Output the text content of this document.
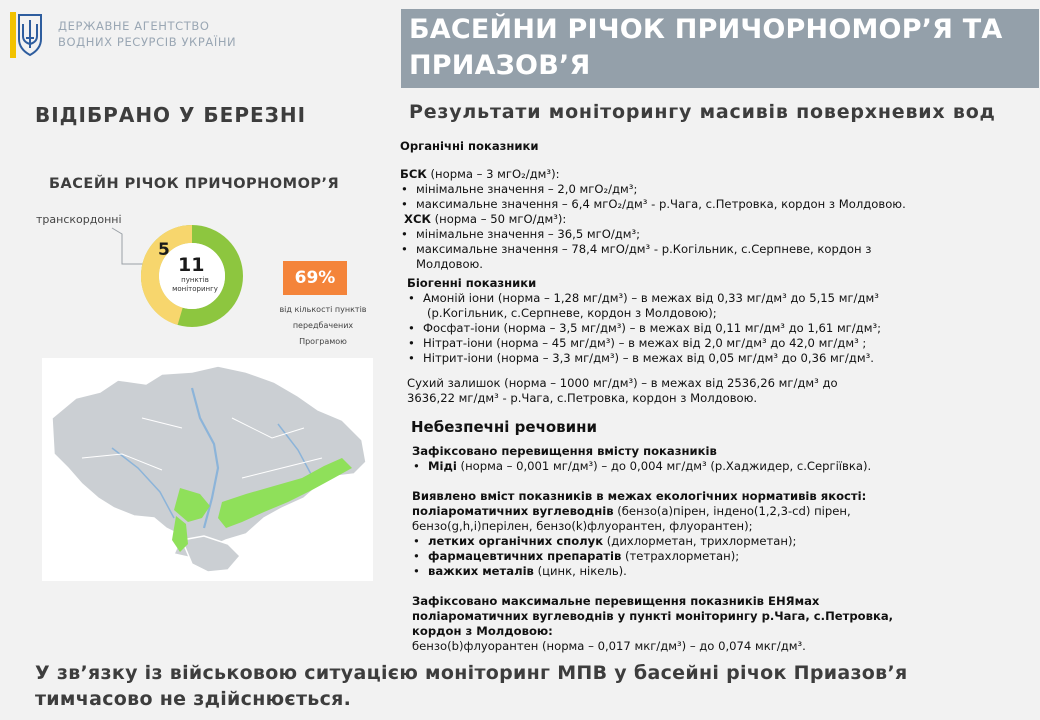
ДЕРЖАВНЕ АГЕНТСТВО
ВОДНИХ РЕСУРСІВ УКРАЇНИ	БАСЕЙНИ РІЧОК ПРИЧОРНОМОР’Я ТА
ПРИАЗОВ’Я
ВІДІБРАНО У БЕРЕЗНІ
БАСЕЙН РІЧОК ПРИЧОРНОМОР’Я
транскордонні
5
11
пунктів
моніторингу
69%
від кількості пунктів
передбачених Програмою
Результати моніторингу масивів поверхневих вод

Органічні показники

БСК (норма – 3 мгО₂/дм³):

• мінімальне значення – 2,0 мгО₂/дм³;

• максимальне значення – 6,4 мгО₂/дм³ - р.Чага, с.Петровка, кордон з Молдовою.

ХСК (норма – 50 мгО/дм³):

• мінімальне значення – 36,5 мгО/дм³;

• максимальне значення – 78,4 мгО/дм³ - р.Когільник, с.Серпневе, кордон з

Молдовою.

Біогенні показники

• Амоній іони (норма – 1,28 мг/дм³) – в межах від 0,33 мг/дм³ до 5,15 мг/дм³

(р.Когільник, с.Серпневе, кордон з Молдовою);

• Фосфат-іони (норма – 3,5 мг/дм³) – в межах від 0,11 мг/дм³ до 1,61 мг/дм³;

• Нітрат-іони (норма – 45 мг/дм³) – в межах від 2,0 мг/дм³ до 42,0 мг/дм³ ;

• Нітрит-іони (норма – 3,3 мг/дм³) – в межах від 0,05 мг/дм³ до 0,36 мг/дм³.

Сухий залишок (норма – 1000 мг/дм³) – в межах від 2536,26 мг/дм³ до

3636,22 мг/дм³ - р.Чага, с.Петровка, кордон з Молдовою.

Небезпечні речовини

Зафіксовано перевищення вмісту показників

• Міді (норма – 0,001 мг/дм³) – до 0,004 мг/дм³ (р.Хаджидер, с.Сергіївка).

Виявлено вміст показників в межах екологічних нормативів якості:

поліароматичних вуглеводнів (бензо(а)пірен, індено(1,2,3-cd) пірен,

бензо(g,h,i)перілен, бензо(k)флуорантен, флуорантен);

• летких органічних сполук (дихлорметан, трихлорметан);

• фармацевтичних препаратів (тетрахлорметан);

• важких металів (цинк, нікель).

Зафіксовано максимальне перевищення показників ЕНЯмах

поліароматичних вуглеводнів у пункті моніторингу р.Чага, с.Петровка,

кордон з Молдовою:

бензо(b)флуорантен (норма – 0,017 мкг/дм³) – до 0,074 мкг/дм³.

У зв’язку із військовою ситуацією моніторинг МПВ у басейні річок Приазов’я
тимчасово не здійснюється.
